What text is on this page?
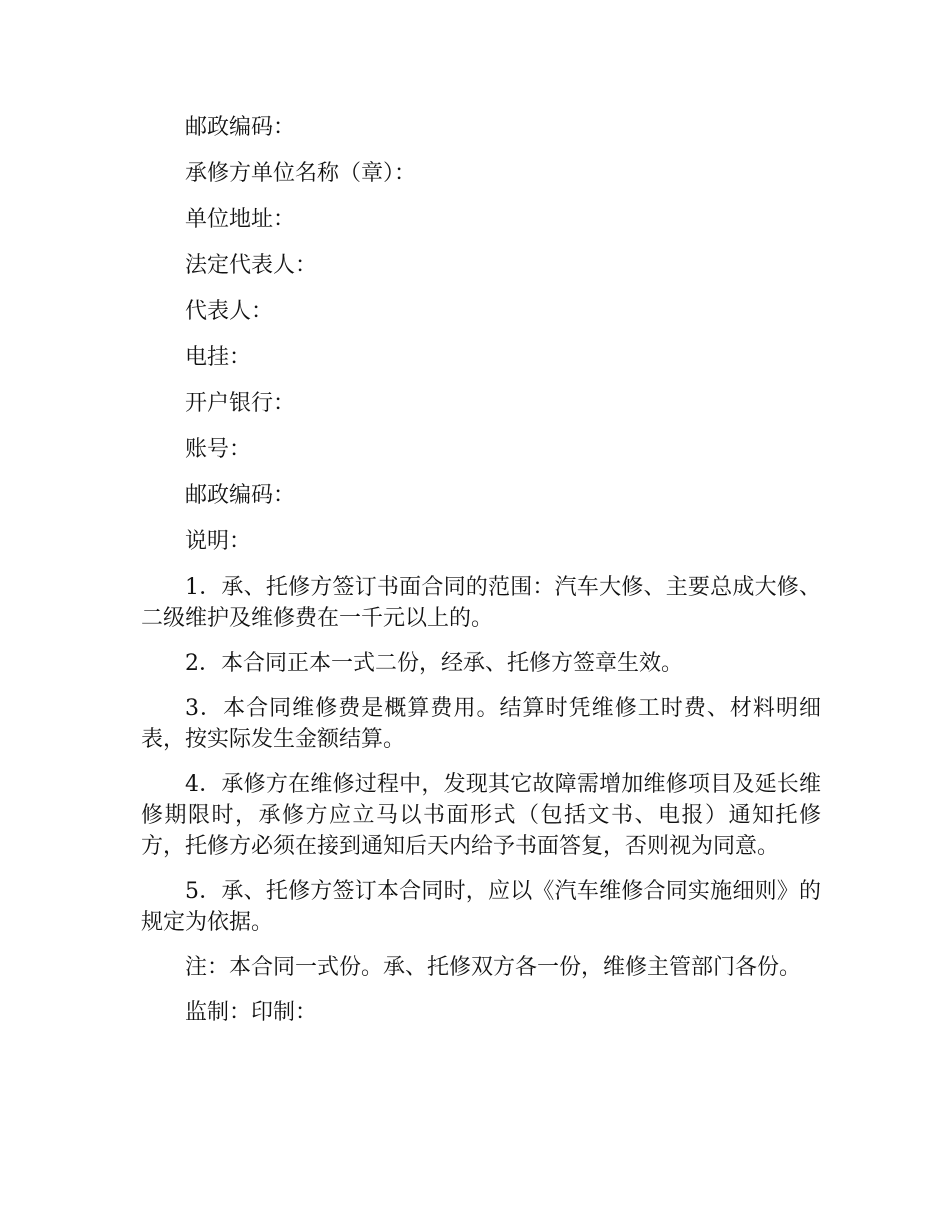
邮政编码：
承修方单位名称（章）：
单位地址：
法定代表人：
代表人：
电挂：
开户银行：
账号：
邮政编码：
说明：

1．承、托修方签订书面合同的范围：汽车大修、主要总成大修、二级维护及维修费在一千元以上的。

2．本合同正本一式二份，经承、托修方签章生效。

3．本合同维修费是概算费用。结算时凭维修工时费、材料明细表，按实际发生金额结算。

4．承修方在维修过程中，发现其它故障需增加维修项目及延长维修期限时，承修方应立马以书面形式（包括文书、电报）通知托修方，托修方必须在接到通知后天内给予书面答复，否则视为同意。

5．承、托修方签订本合同时，应以《汽车维修合同实施细则》的规定为依据。

注：本合同一式份。承、托修双方各一份，维修主管部门各份。

监制：印制：
